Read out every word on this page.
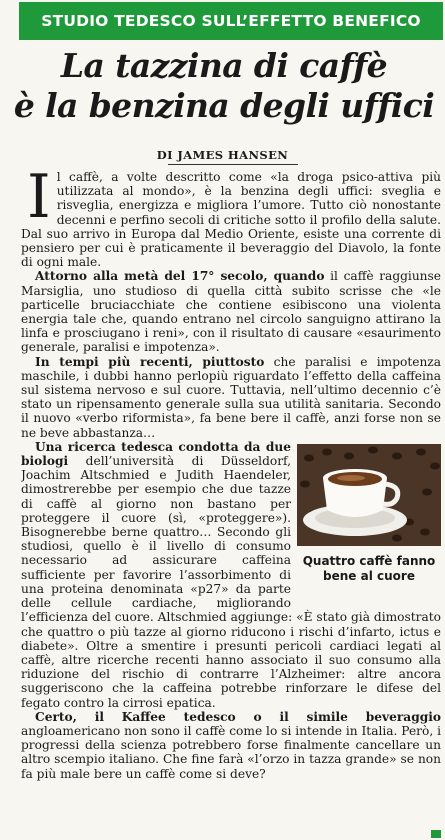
STUDIO TEDESCO SULL’EFFETTO BENEFICO
La tazzina di caffè
è la benzina degli uffici
DI JAMES HANSEN

Il caffè, a volte descritto come «la droga psico-attiva più utilizzata al mondo», è la benzina degli uffici: sveglia e risveglia, energizza e migliora l’umore. Tutto ciò nonostante decenni e perfino secoli di critiche sotto il profilo della salute. Dal suo arrivo in Europa dal Medio Oriente, esiste una corrente di pensiero per cui è praticamente il beveraggio del Diavolo, la fonte di ogni male.

Attorno alla metà del 17° secolo, quando il caffè raggiunse Marsiglia, uno studioso di quella città subito scrisse che «le particelle bruciacchiate che contiene esibiscono una violenta energia tale che, quando entrano nel circolo sanguigno attirano la linfa e prosciugano i reni», con il risultato di causare «esaurimento generale, paralisi e impotenza».

In tempi più recenti, piuttosto che paralisi e impotenza maschile, i dubbi hanno perlopiù riguardato l’effetto della caffeina sul sistema nervoso e sul cuore. Tuttavia, nell’ultimo decennio c’è stato un ripensamento generale sulla sua utilità sanitaria. Secondo il nuovo «verbo riformista», fa bene bere il caffè, anzi forse non se ne beve abbastanza…

Quattro caffè fanno bene al cuore

Una ricerca tedesca condotta da due biologi dell’università di Düsseldorf, Joachim Altschmied e Judith Haendeler, dimostrerebbe per esempio che due tazze di caffè al giorno non bastano per proteggere il cuore (sì, «proteggere»). Bisognerebbe berne quattro… Secondo gli studiosi, quello è il livello di consumo necessario ad assicurare caffeina sufficiente per favorire l’assorbimento di una proteina denominata «p27» da parte delle cellule cardiache, migliorando l’efficienza del cuore. Altschmied aggiunge: «È stato già dimostrato che quattro o più tazze al giorno riducono i rischi d’infarto, ictus e diabete». Oltre a smentire i presunti pericoli cardiaci legati al caffè, altre ricerche recenti hanno associato il suo consumo alla riduzione del rischio di contrarre l’Alzheimer: altre ancora suggeriscono che la caffeina potrebbe rinforzare le difese del fegato contro la cirrosi epatica.

Certo, il Kaffee tedesco o il simile beveraggio angloamericano non sono il caffè come lo si intende in Italia. Però, i progressi della scienza potrebbero forse finalmente cancellare un altro scempio italiano. Che fine farà «l’orzo in tazza grande» se non fa più male bere un caffè come si deve?
